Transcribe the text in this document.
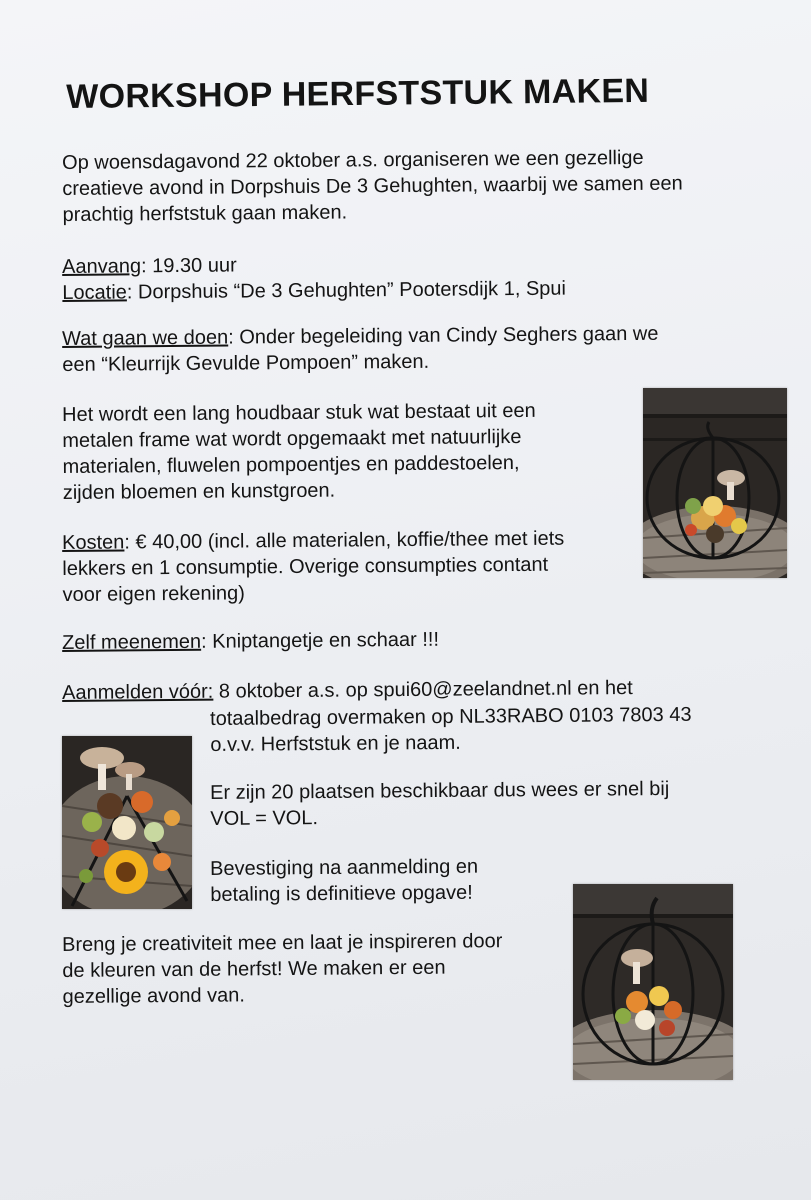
WORKSHOP HERFSTSTUK MAKEN

Op woensdagavond 22 oktober a.s. organiseren we een gezellige

creatieve avond in Dorpshuis De 3 Gehughten, waarbij we samen een

prachtig herfststuk gaan maken.

Aanvang: 19.30 uur

Locatie: Dorpshuis “De 3 Gehughten” Pootersdijk 1, Spui

Wat gaan we doen: Onder begeleiding van Cindy Seghers gaan we

een “Kleurrijk Gevulde Pompoen” maken.

Het wordt een lang houdbaar stuk wat bestaat uit een

metalen frame wat wordt opgemaakt met natuurlijke

materialen, fluwelen pompoentjes en paddestoelen,

zijden bloemen en kunstgroen.

Kosten: € 40,00 (incl. alle materialen, koffie/thee met iets

lekkers en 1 consumptie. Overige consumpties contant

voor eigen rekening)

Zelf meenemen: Kniptangetje en schaar !!!

Aanmelden vóór: 8 oktober a.s. op spui60@zeelandnet.nl en het

totaalbedrag overmaken op NL33RABO 0103 7803 43

o.v.v. Herfststuk en je naam.

Er zijn 20 plaatsen beschikbaar dus wees er snel bij

VOL = VOL.

Bevestiging na aanmelding en

betaling is definitieve opgave!

Breng je creativiteit mee en laat je inspireren door

de kleuren van de herfst! We maken er een

gezellige avond van.
